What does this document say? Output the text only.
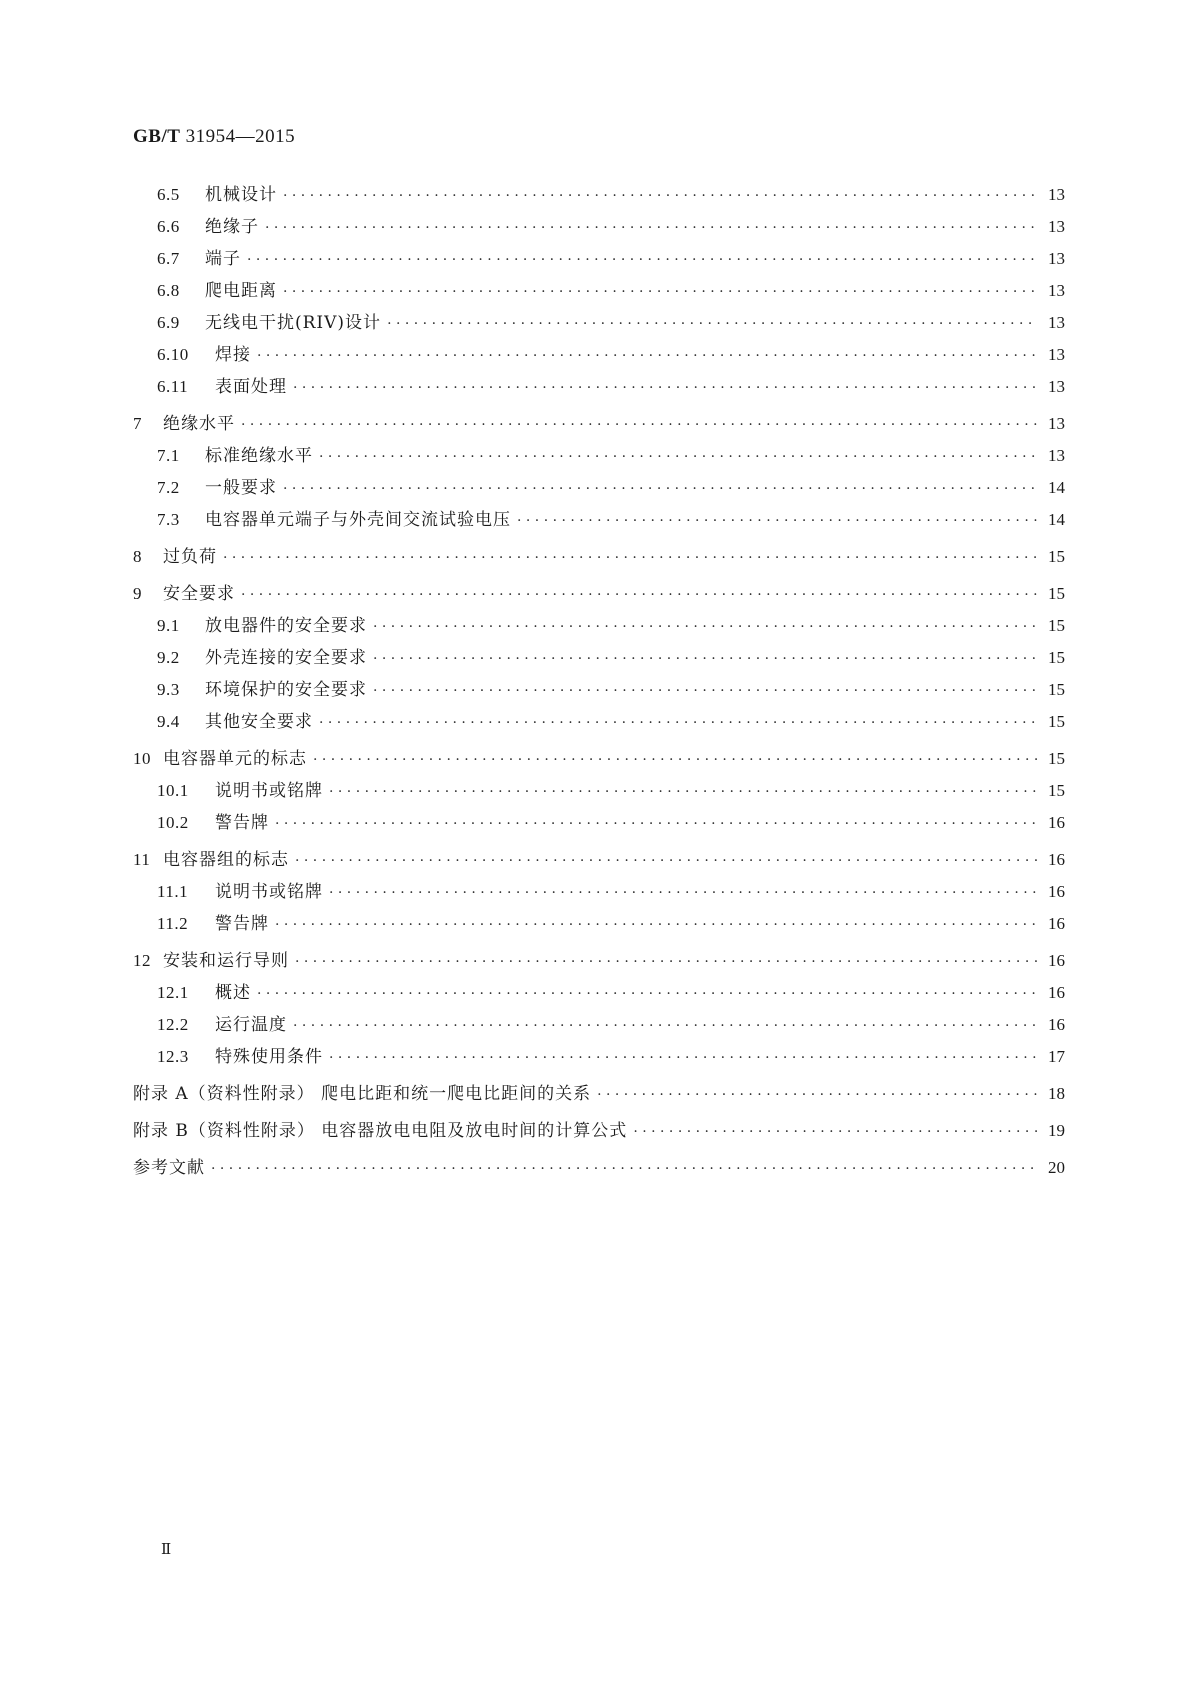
GB/T 31954—2015
6.5	机械设计 · · ·	13
6.6	绝缘子 · · ·	13
6.7	端子 · · ·	13
6.8	爬电距离 · · ·	13
6.9	无线电干扰(RIV)设计 · · ·	13
6.10	焊接 · · ·	13
6.11	表面处理 · · ·	13
7	绝缘水平 · · ·	13
7.1	标准绝缘水平 · · ·	13
7.2	一般要求 · · ·	14
7.3	电容器单元端子与外壳间交流试验电压 · · ·	14
8	过负荷 · · ·	15
9	安全要求 · · ·	15
9.1	放电器件的安全要求 · · ·	15
9.2	外壳连接的安全要求 · · ·	15
9.3	环境保护的安全要求 · · ·	15
9.4	其他安全要求 · · ·	15
10 电容器单元的标志 · · ·	15
10.1	说明书或铭牌 · · ·	15
10.2	警告牌 · · ·	16
11 电容器组的标志 · · ·	16
11.1	说明书或铭牌 · · ·	16
11.2	警告牌 · · ·	16
12 安装和运行导则 · · ·	16
12.1	概述 · · ·	16
12.2	运行温度 · · ·	16
12.3	特殊使用条件 · · ·	17
附录 A（资料性附录） 爬电比距和统一爬电比距间的关系 · · ·	18
附录 B（资料性附录） 电容器放电电阻及放电时间的计算公式 · · ·	19
参考文献 · · ·	20
Ⅱ
